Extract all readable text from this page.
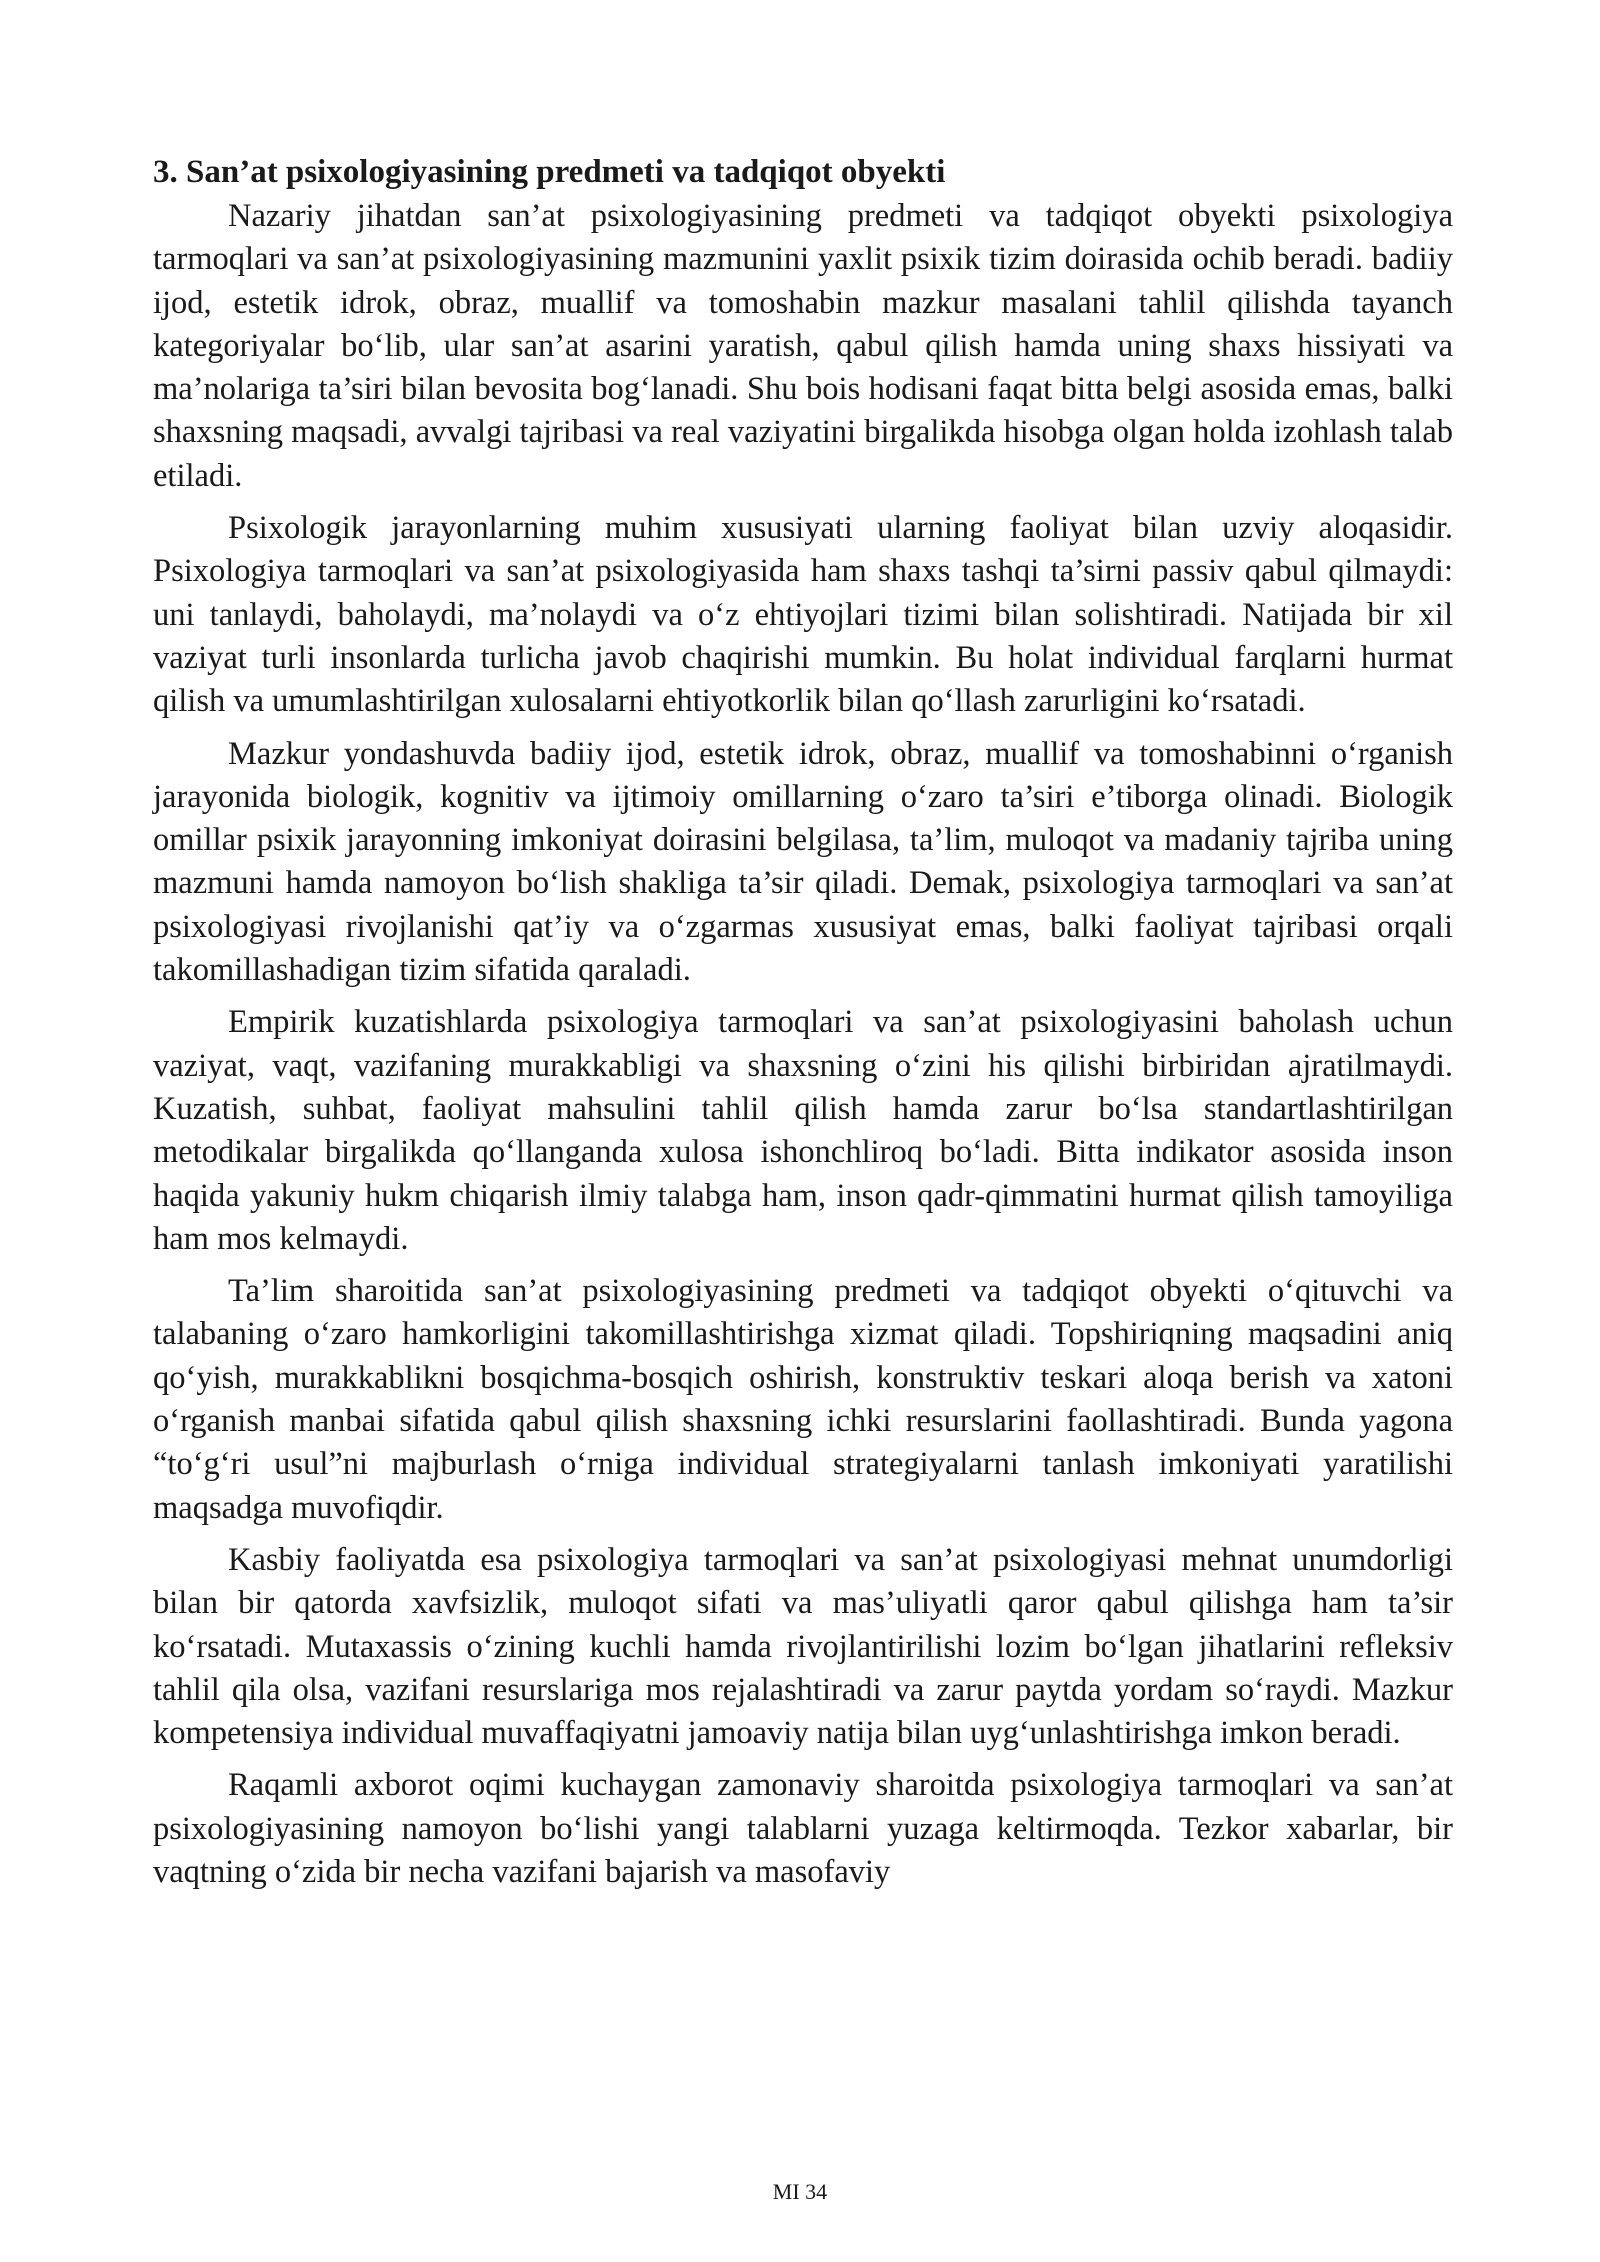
3. San’at psixologiyasining predmeti va tadqiqot obyekti

Nazariy jihatdan san’at psixologiyasining predmeti va tadqiqot obyekti psixologiya tarmoqlari va san’at psixologiyasining mazmunini yaxlit psixik tizim doirasida ochib beradi. badiiy ijod, estetik idrok, obraz, muallif va tomoshabin mazkur masalani tahlil qilishda tayanch kategoriyalar bo‘lib, ular san’at asarini yaratish, qabul qilish hamda uning shaxs hissiyati va ma’nolariga ta’siri bilan bevosita bog‘lanadi. Shu bois hodisani faqat bitta belgi asosida emas, balki shaxsning maqsadi, avvalgi tajribasi va real vaziyatini birgalikda hisobga olgan holda izohlash talab etiladi.

Psixologik jarayonlarning muhim xususiyati ularning faoliyat bilan uzviy aloqasidir. Psixologiya tarmoqlari va san’at psixologiyasida ham shaxs tashqi ta’sirni passiv qabul qilmaydi: uni tanlaydi, baholaydi, ma’nolaydi va o‘z ehtiyojlari tizimi bilan solishtiradi. Natijada bir xil vaziyat turli insonlarda turlicha javob chaqirishi mumkin. Bu holat individual farqlarni hurmat qilish va umumlashtirilgan xulosalarni ehtiyotkorlik bilan qo‘llash zarurligini ko‘rsatadi.

Mazkur yondashuvda badiiy ijod, estetik idrok, obraz, muallif va tomoshabinni o‘rganish jarayonida biologik, kognitiv va ijtimoiy omillarning o‘zaro ta’siri e’tiborga olinadi. Biologik omillar psixik jarayonning imkoniyat doirasini belgilasa, ta’lim, muloqot va madaniy tajriba uning mazmuni hamda namoyon bo‘lish shakliga ta’sir qiladi. Demak, psixologiya tarmoqlari va san’at psixologiyasi rivojlanishi qat’iy va o‘zgarmas xususiyat emas, balki faoliyat tajribasi orqali takomillashadigan tizim sifatida qaraladi.

Empirik kuzatishlarda psixologiya tarmoqlari va san’at psixologiyasini baholash uchun vaziyat, vaqt, vazifaning murakkabligi va shaxsning o‘zini his qilishi birbiridan ajratilmaydi. Kuzatish, suhbat, faoliyat mahsulini tahlil qilish hamda zarur bo‘lsa standartlashtirilgan metodikalar birgalikda qo‘llanganda xulosa ishonchliroq bo‘ladi. Bitta indikator asosida inson haqida yakuniy hukm chiqarish ilmiy talabga ham, inson qadr-qimmatini hurmat qilish tamoyiliga ham mos kelmaydi.

Ta’lim sharoitida san’at psixologiyasining predmeti va tadqiqot obyekti o‘qituvchi va talabaning o‘zaro hamkorligini takomillashtirishga xizmat qiladi. Topshiriqning maqsadini aniq qo‘yish, murakkablikni bosqichma-bosqich oshirish, konstruktiv teskari aloqa berish va xatoni o‘rganish manbai sifatida qabul qilish shaxsning ichki resurslarini faollashtiradi. Bunda yagona “to‘g‘ri usul”ni majburlash o‘rniga individual strategiyalarni tanlash imkoniyati yaratilishi maqsadga muvofiqdir.

Kasbiy faoliyatda esa psixologiya tarmoqlari va san’at psixologiyasi mehnat unumdorligi bilan bir qatorda xavfsizlik, muloqot sifati va mas’uliyatli qaror qabul qilishga ham ta’sir ko‘rsatadi. Mutaxassis o‘zining kuchli hamda rivojlantirilishi lozim bo‘lgan jihatlarini refleksiv tahlil qila olsa, vazifani resurslariga mos rejalashtiradi va zarur paytda yordam so‘raydi. Mazkur kompetensiya individual muvaffaqiyatni jamoaviy natija bilan uyg‘unlashtirishga imkon beradi.

Raqamli axborot oqimi kuchaygan zamonaviy sharoitda psixologiya tarmoqlari va san’at psixologiyasining namoyon bo‘lishi yangi talablarni yuzaga keltirmoqda. Tezkor xabarlar, bir vaqtning o‘zida bir necha vazifani bajarish va masofaviy

MI 34
